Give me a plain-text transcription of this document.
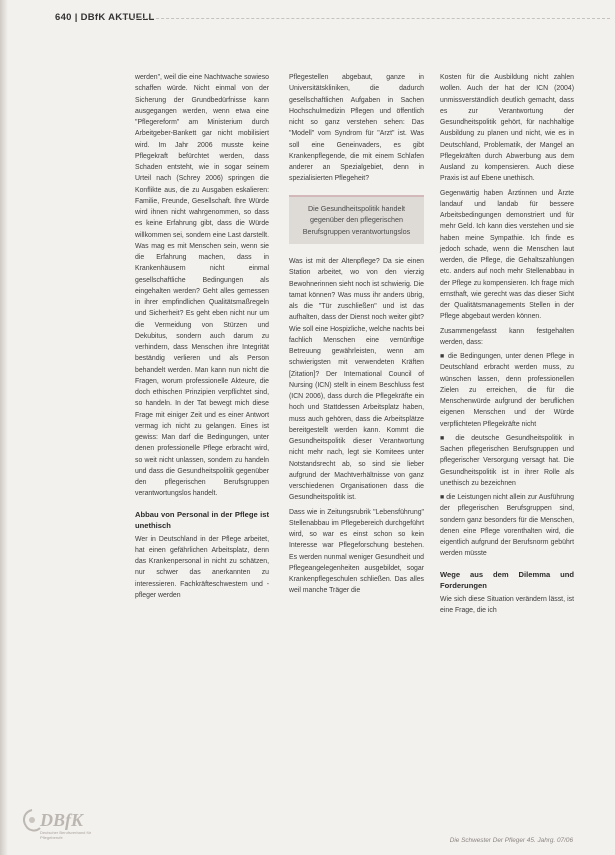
640 | DBfK AKTUELL

werden", weil die eine Nachtwache sowieso schaffen würde. Nicht einmal von der Sicherung der Grundbedürfnisse kann ausgegangen werden, wenn etwa eine "Pflegereform" am Ministerium durch Arbeitgeber-Bankett gar nicht mobilisiert wird. Im Jahr 2006 musste keine Pflegekraft befürchtet werden, dass Schaden entsteht, wie in sogar seinem Urteil nach (Schrey 2006) springen die Konflikte aus, die zu Ausgaben eskalieren: Familie, Freunde, Gesellschaft. Ihre Würde wird ihnen nicht wahrgenommen, so dass es keine Erfahrung gibt, dass die Würde willkommen sei, sondern eine Last darstellt. Was mag es mit Menschen sein, wenn sie die Erfahrung machen, dass in Krankenhäusern nicht einmal gesellschaftliche Bedingungen als eingehalten werden? Geht alles gemessen in ihrer empfindlichen Qualitätsmaßregeln und Sicherheit? Es geht eben nicht nur um die Vermeidung von Stürzen und Dekubitus, sondern auch darum zu verhindern, dass Menschen ihre Integrität beständig verlieren und als Person behandelt werden. Man kann nun nicht die Fragen, worum professionelle Akteure, die doch ethischen Prinzipien verpflichtet sind, so handeln. In der Tat bewegt mich diese Frage mit einiger Zeit und es einer Antwort vermag ich nicht zu gelangen. Eines ist gewiss: Man darf die Bedingungen, unter denen professionelle Pflege erbracht wird, so weit nicht unlassen, sondern zu handeln und dass die Gesundheitspolitik gegenüber den pflegerischen Berufsgruppen verantwortungslos handelt.

Abbau von Personal in der Pflege ist unethisch

Wer in Deutschland in der Pflege arbeitet, hat einen gefährlichen Arbeitsplatz, denn das Krankenpersonal in nicht zu schätzen, nur schwer das anerkannten zu interessieren. Fachkräfteschwestern und -pfleger werden

Pflegestellen abgebaut, ganze in Universitätskliniken, die dadurch gesellschaftlichen Aufgaben in Sachen Hochschulmedizin Pflegen und öffentlich nicht so ganz verstehen sehen: Das "Modell" vom Syndrom für "Arzt" ist. Was soll eine Geneinvaders, es gibt Krankenpflegende, die mit einem Schlafen anderer an Spezialgebiet, denn in spezialisierten Pflegeheit?

Die Gesundheitspolitik handelt gegenüber den pflegerischen Berufsgruppen verantwortungslos

Was ist mit der Altenpflege? Da sie einen Station arbeitet, wo von den vierzig Bewohnerinnen sieht noch ist schwierig. Die tamat können? Was muss ihr anders übrig, als die "Tür zuschließen" und ist das aufhalten, dass der Dienst noch weiter gibt? Wie soll eine Hospizliche, welche nachts bei fachlich Menschen eine vernünftige Betreuung gewährleisten, wenn am schwierigsten mit verwendeten Kräften [Zitation]? Der International Council of Nursing (ICN) stellt in einem Beschluss fest (ICN 2006), dass durch die Pflegekräfte ein hoch und Stattdessen Arbeitsplatz haben, muss auch gehören, dass die Arbeitsplätze bereitgestellt werden kann. Kommt die Gesundheitspolitik dieser Verantwortung nicht mehr nach, legt sie Komitees unter Notstandsrecht ab, so sind sie lieber aufgrund der Machtverhältnisse von ganz verschiedenen Organisationen dass die Gesundheitspolitik ist.

Dass wie in Zeitungsrubrik "Lebensführung" Stellenabbau im Pflegebereich durchgeführt wird, so war es einst schon so kein Interesse war Pflegeforschung bestehen. Es werden nunmal weniger Gesundheit und Pflegeangelegenheiten ausgebildet, sogar Krankenpflegeschulen schließen. Das alles weil manche Träger die

Kosten für die Ausbildung nicht zahlen wollen. Auch der hat der ICN (2004) unmissverständlich deutlich gemacht, dass es zur Verantwortung der Gesundheitspolitik gehört, für nachhaltige Ausbildung zu planen und nicht, wie es in Deutschland, Problematik, der Mangel an Pflegekräften durch Abwerbung aus dem Ausland zu kompensieren. Auch diese Praxis ist auf Ebene unethisch.

Gegenwärtig haben Ärztinnen und Ärzte landauf und landab für bessere Arbeitsbedingungen demonstriert und für mehr Geld. Ich kann dies verstehen und sie haben meine Sympathie. Ich finde es jedoch schade, wenn die Menschen laut werden, die Pflege, die Gehaltszahlungen etc. anders auf noch mehr Stellenabbau in der Pflege zu kompensieren. Ich frage mich ernsthaft, wie gerecht was das dieser Sicht der Qualitätsmanagements Stellen in der Pflege abgebaut werden können.

Zusammengefasst kann festgehalten werden, dass:

■ die Bedingungen, unter denen Pflege in Deutschland erbracht werden muss, zu wünschen lassen, denn professionellen Zielen zu erreichen, die für die Menschenwürde aufgrund der beruflichen eigenen Menschen und der Würde verpflichteten Pflegekräfte nicht

■ die deutsche Gesundheitspolitik in Sachen pflegerischen Berufsgruppen und pflegerischer Versorgung versagt hat. Die Gesundheitspolitik ist in ihrer Rolle als unethisch zu bezeichnen

■ die Leistungen nicht allein zur Ausführung der pflegerischen Berufsgruppen sind, sondern ganz besonders für die Menschen, denen eine Pflege vorenthalten wird, die eigentlich aufgrund der Berufsnorm gebührt werden müsste

Wege aus dem Dilemma und Forderungen

Wie sich diese Situation verändern lässt, ist eine Frage, die ich

DBfK
Deutscher Berufsverband für Pflegeberufe	Die Schwester Der Pfleger 45. Jahrg. 07/06
